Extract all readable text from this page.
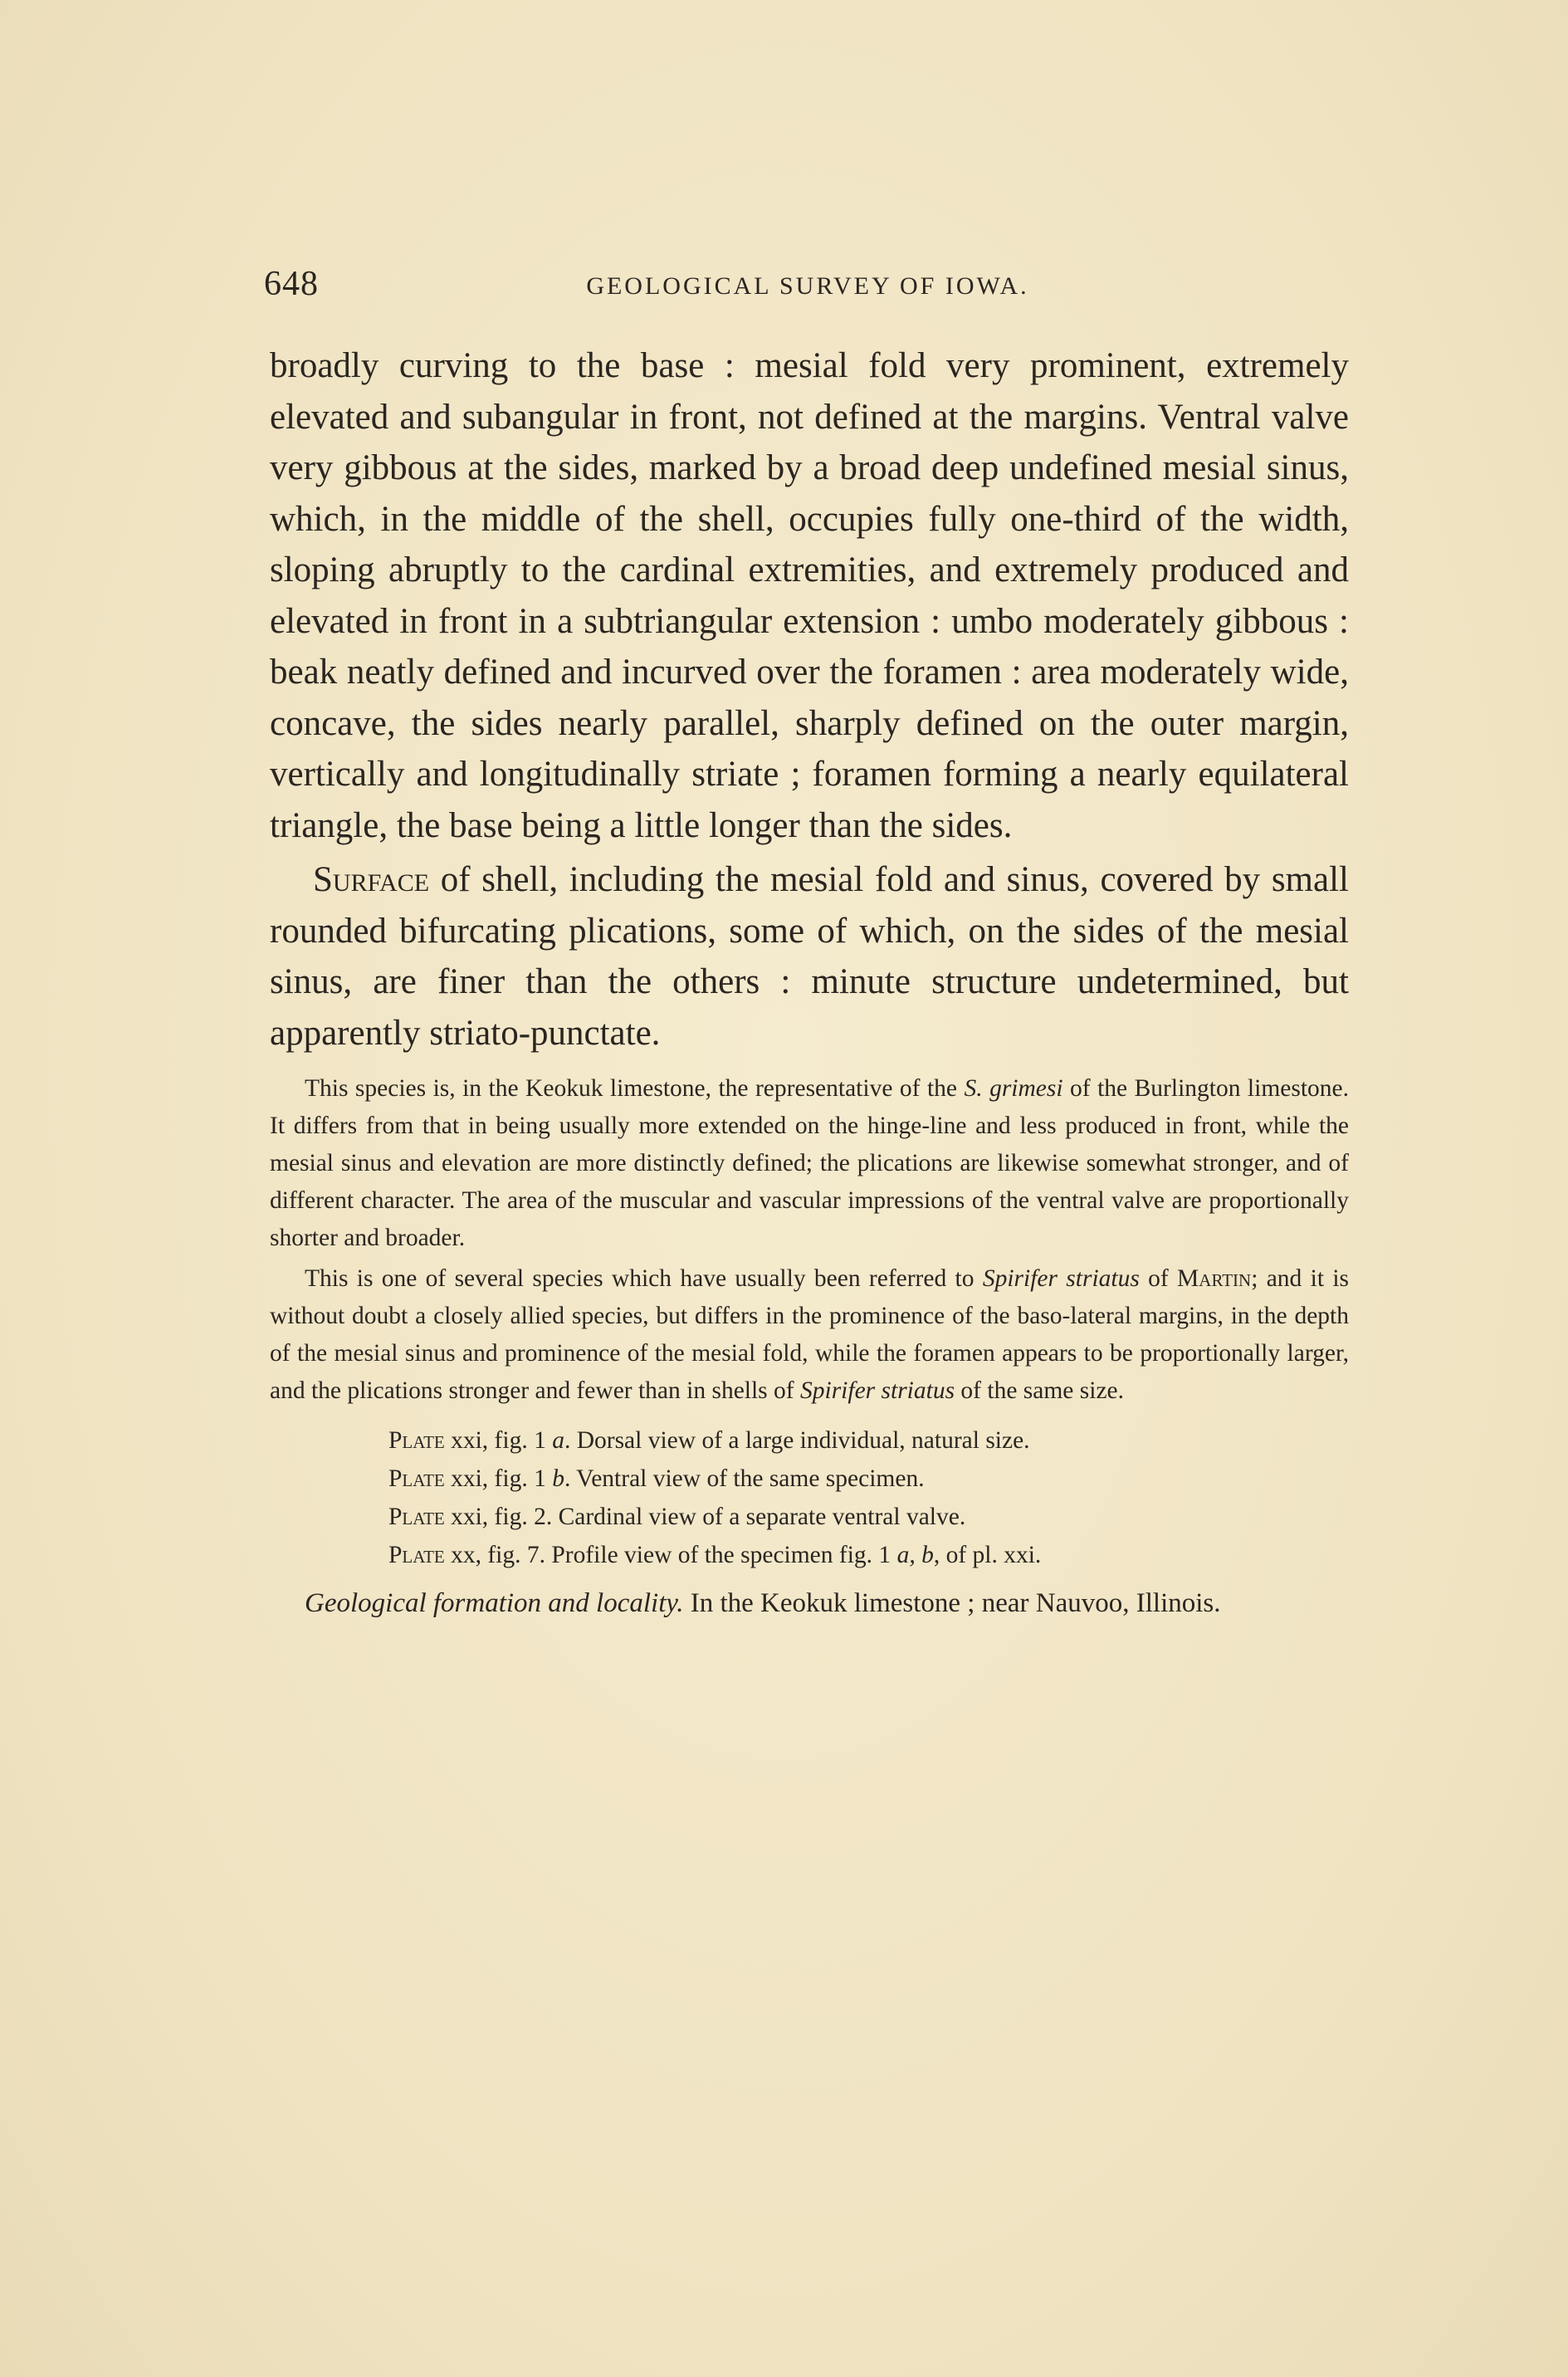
648	GEOLOGICAL SURVEY OF IOWA.

broadly curving to the base : mesial fold very prominent, extremely elevated and subangular in front, not defined at the margins. Ventral valve very gibbous at the sides, marked by a broad deep undefined mesial sinus, which, in the middle of the shell, occupies fully one-third of the width, sloping abruptly to the cardinal extremities, and extremely produced and elevated in front in a subtriangular extension : umbo moderately gibbous : beak neatly defined and incurved over the foramen : area moderately wide, concave, the sides nearly parallel, sharply defined on the outer margin, vertically and longitudinally striate ; foramen forming a nearly equilateral triangle, the base being a little longer than the sides.

Surface of shell, including the mesial fold and sinus, covered by small rounded bifurcating plications, some of which, on the sides of the mesial sinus, are finer than the others : minute structure undetermined, but apparently striato-punctate.

This species is, in the Keokuk limestone, the representative of the S. grimesi of the Burlington limestone. It differs from that in being usually more extended on the hinge-line and less produced in front, while the mesial sinus and elevation are more distinctly defined; the plications are likewise somewhat stronger, and of different character. The area of the muscular and vascular impressions of the ventral valve are proportionally shorter and broader.

This is one of several species which have usually been referred to Spirifer striatus of Martin; and it is without doubt a closely allied species, but differs in the prominence of the baso-lateral margins, in the depth of the mesial sinus and prominence of the mesial fold, while the foramen appears to be proportionally larger, and the plications stronger and fewer than in shells of Spirifer striatus of the same size.

Plate xxi, fig. 1 a. Dorsal view of a large individual, natural size.
Plate xxi, fig. 1 b. Ventral view of the same specimen.
Plate xxi, fig. 2. Cardinal view of a separate ventral valve.
Plate xx, fig. 7. Profile view of the specimen fig. 1 a, b, of pl. xxi.

Geological formation and locality. In the Keokuk limestone ; near Nauvoo, Illinois.
